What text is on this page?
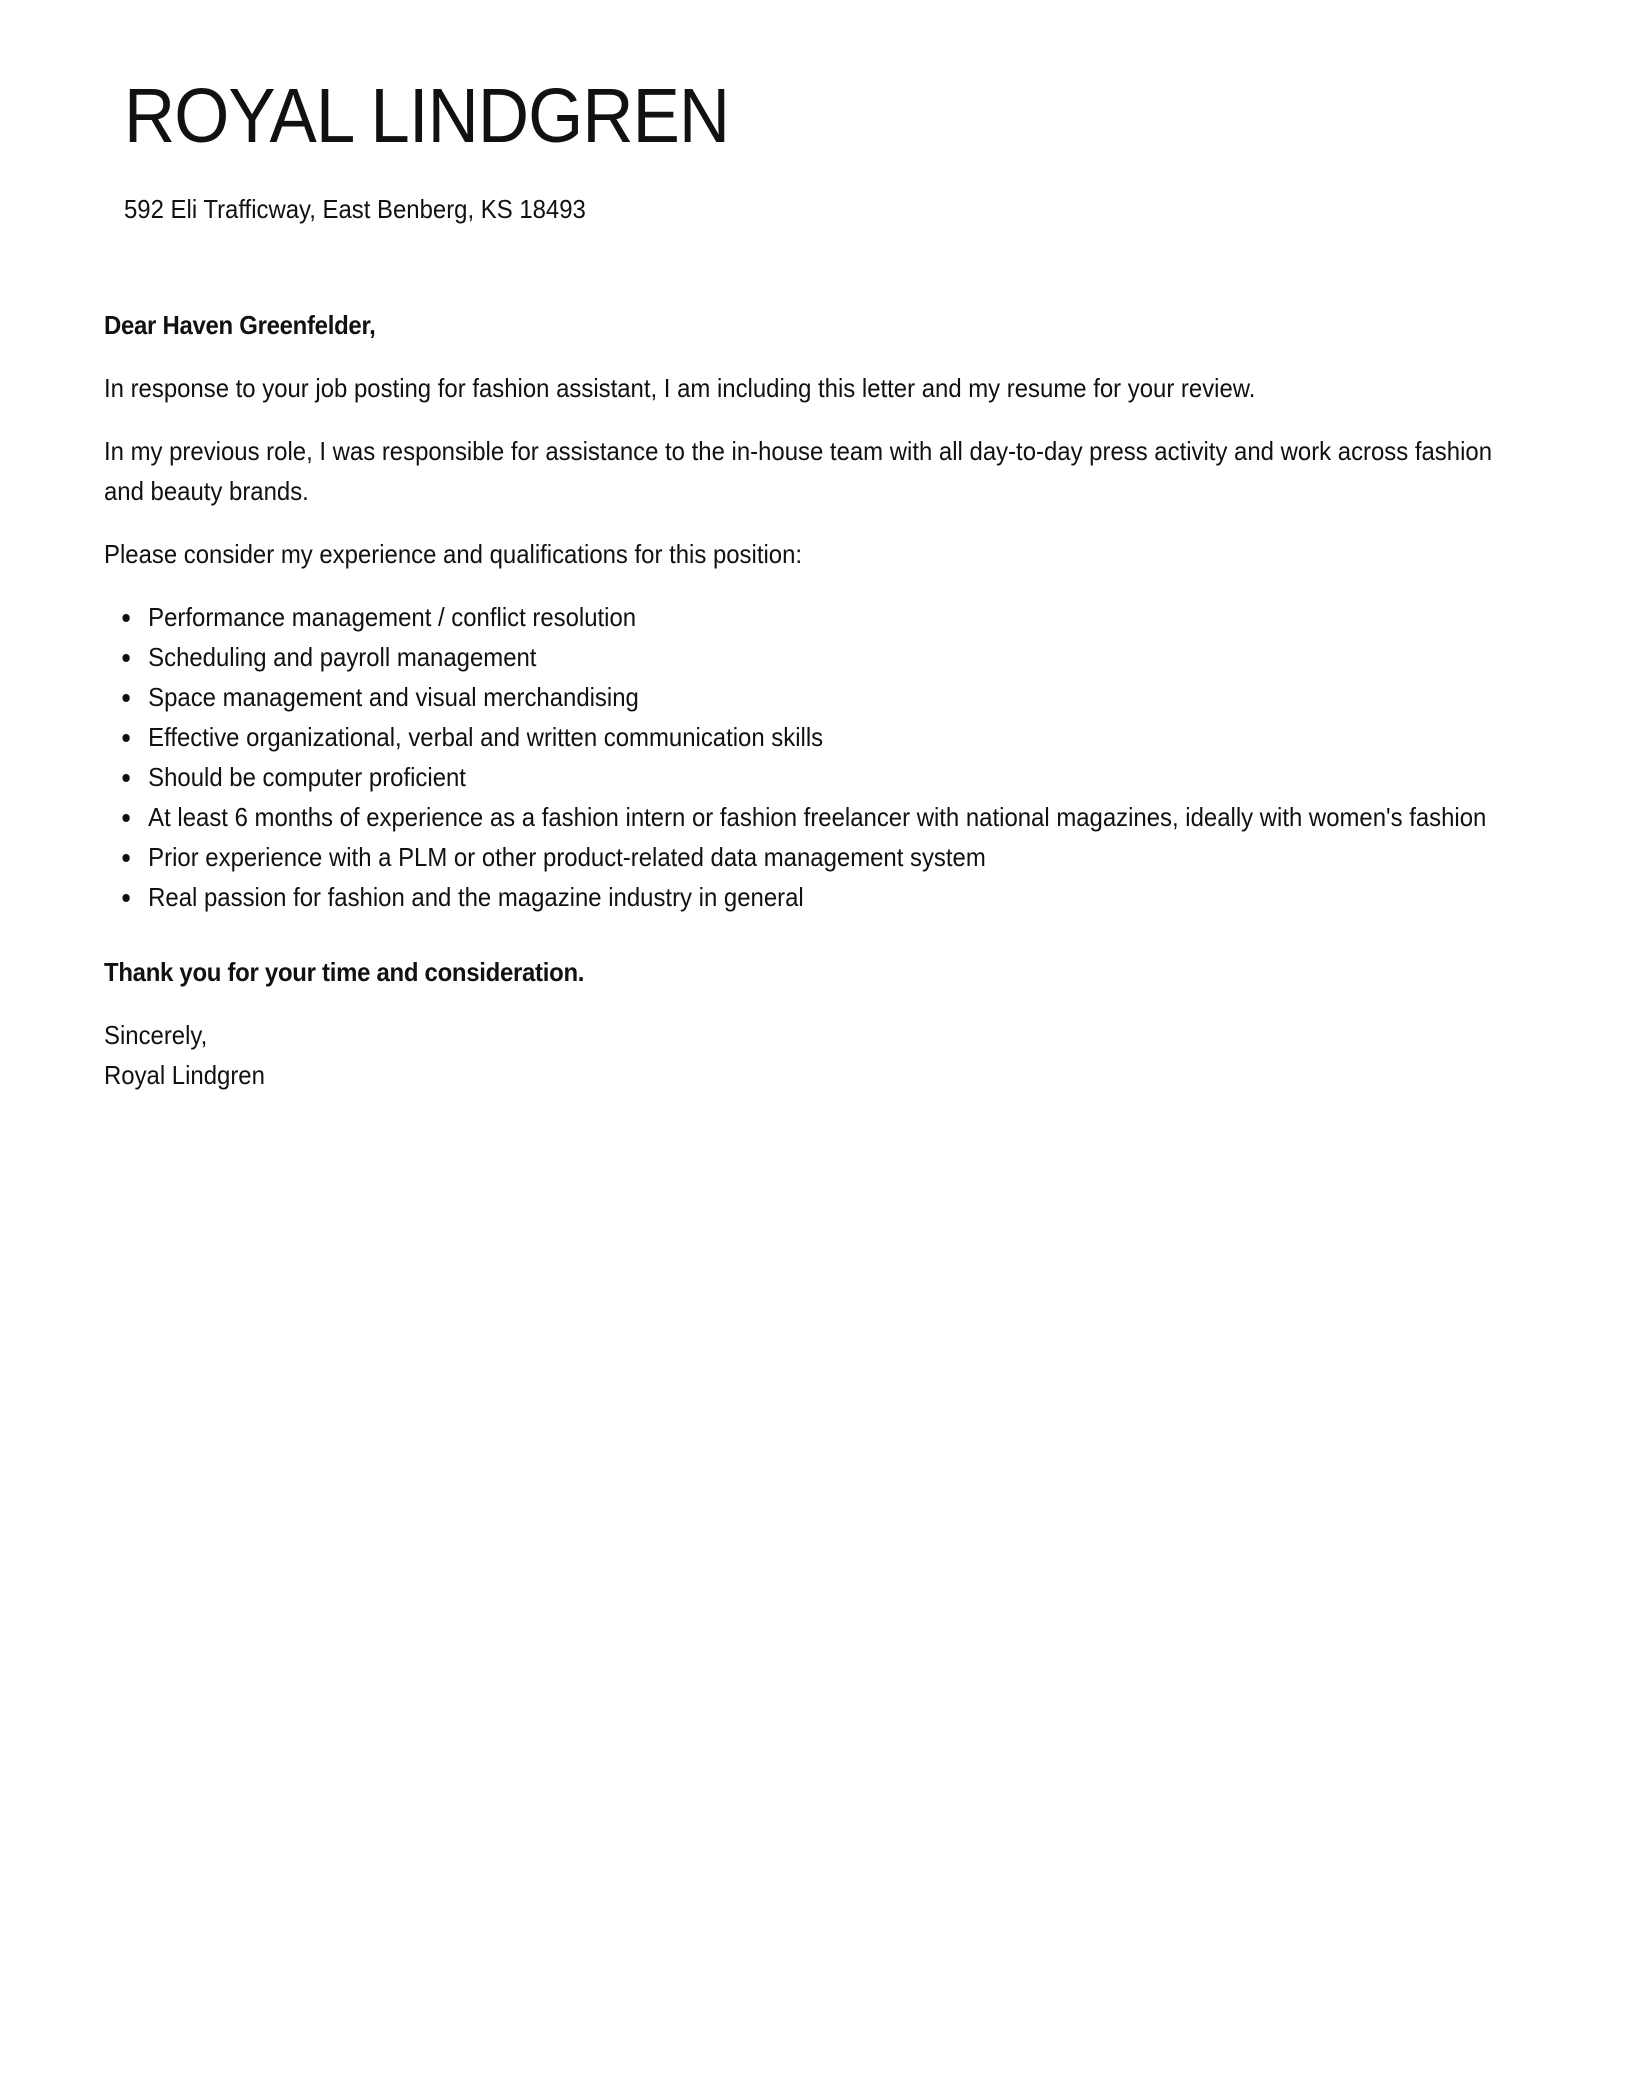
ROYAL LINDGREN
592 Eli Trafficway, East Benberg, KS 18493

Dear Haven Greenfelder,

In response to your job posting for fashion assistant, I am including this letter and my resume for your review.

In my previous role, I was responsible for assistance to the in-house team with all day-to-day press activity and work across fashion and beauty brands.

Please consider my experience and qualifications for this position:

Performance management / conflict resolution
Scheduling and payroll management
Space management and visual merchandising
Effective organizational, verbal and written communication skills
Should be computer proficient
At least 6 months of experience as a fashion intern or fashion freelancer with national magazines, ideally with women's fashion
Prior experience with a PLM or other product-related data management system
Real passion for fashion and the magazine industry in general

Thank you for your time and consideration.

Sincerely,
Royal Lindgren
